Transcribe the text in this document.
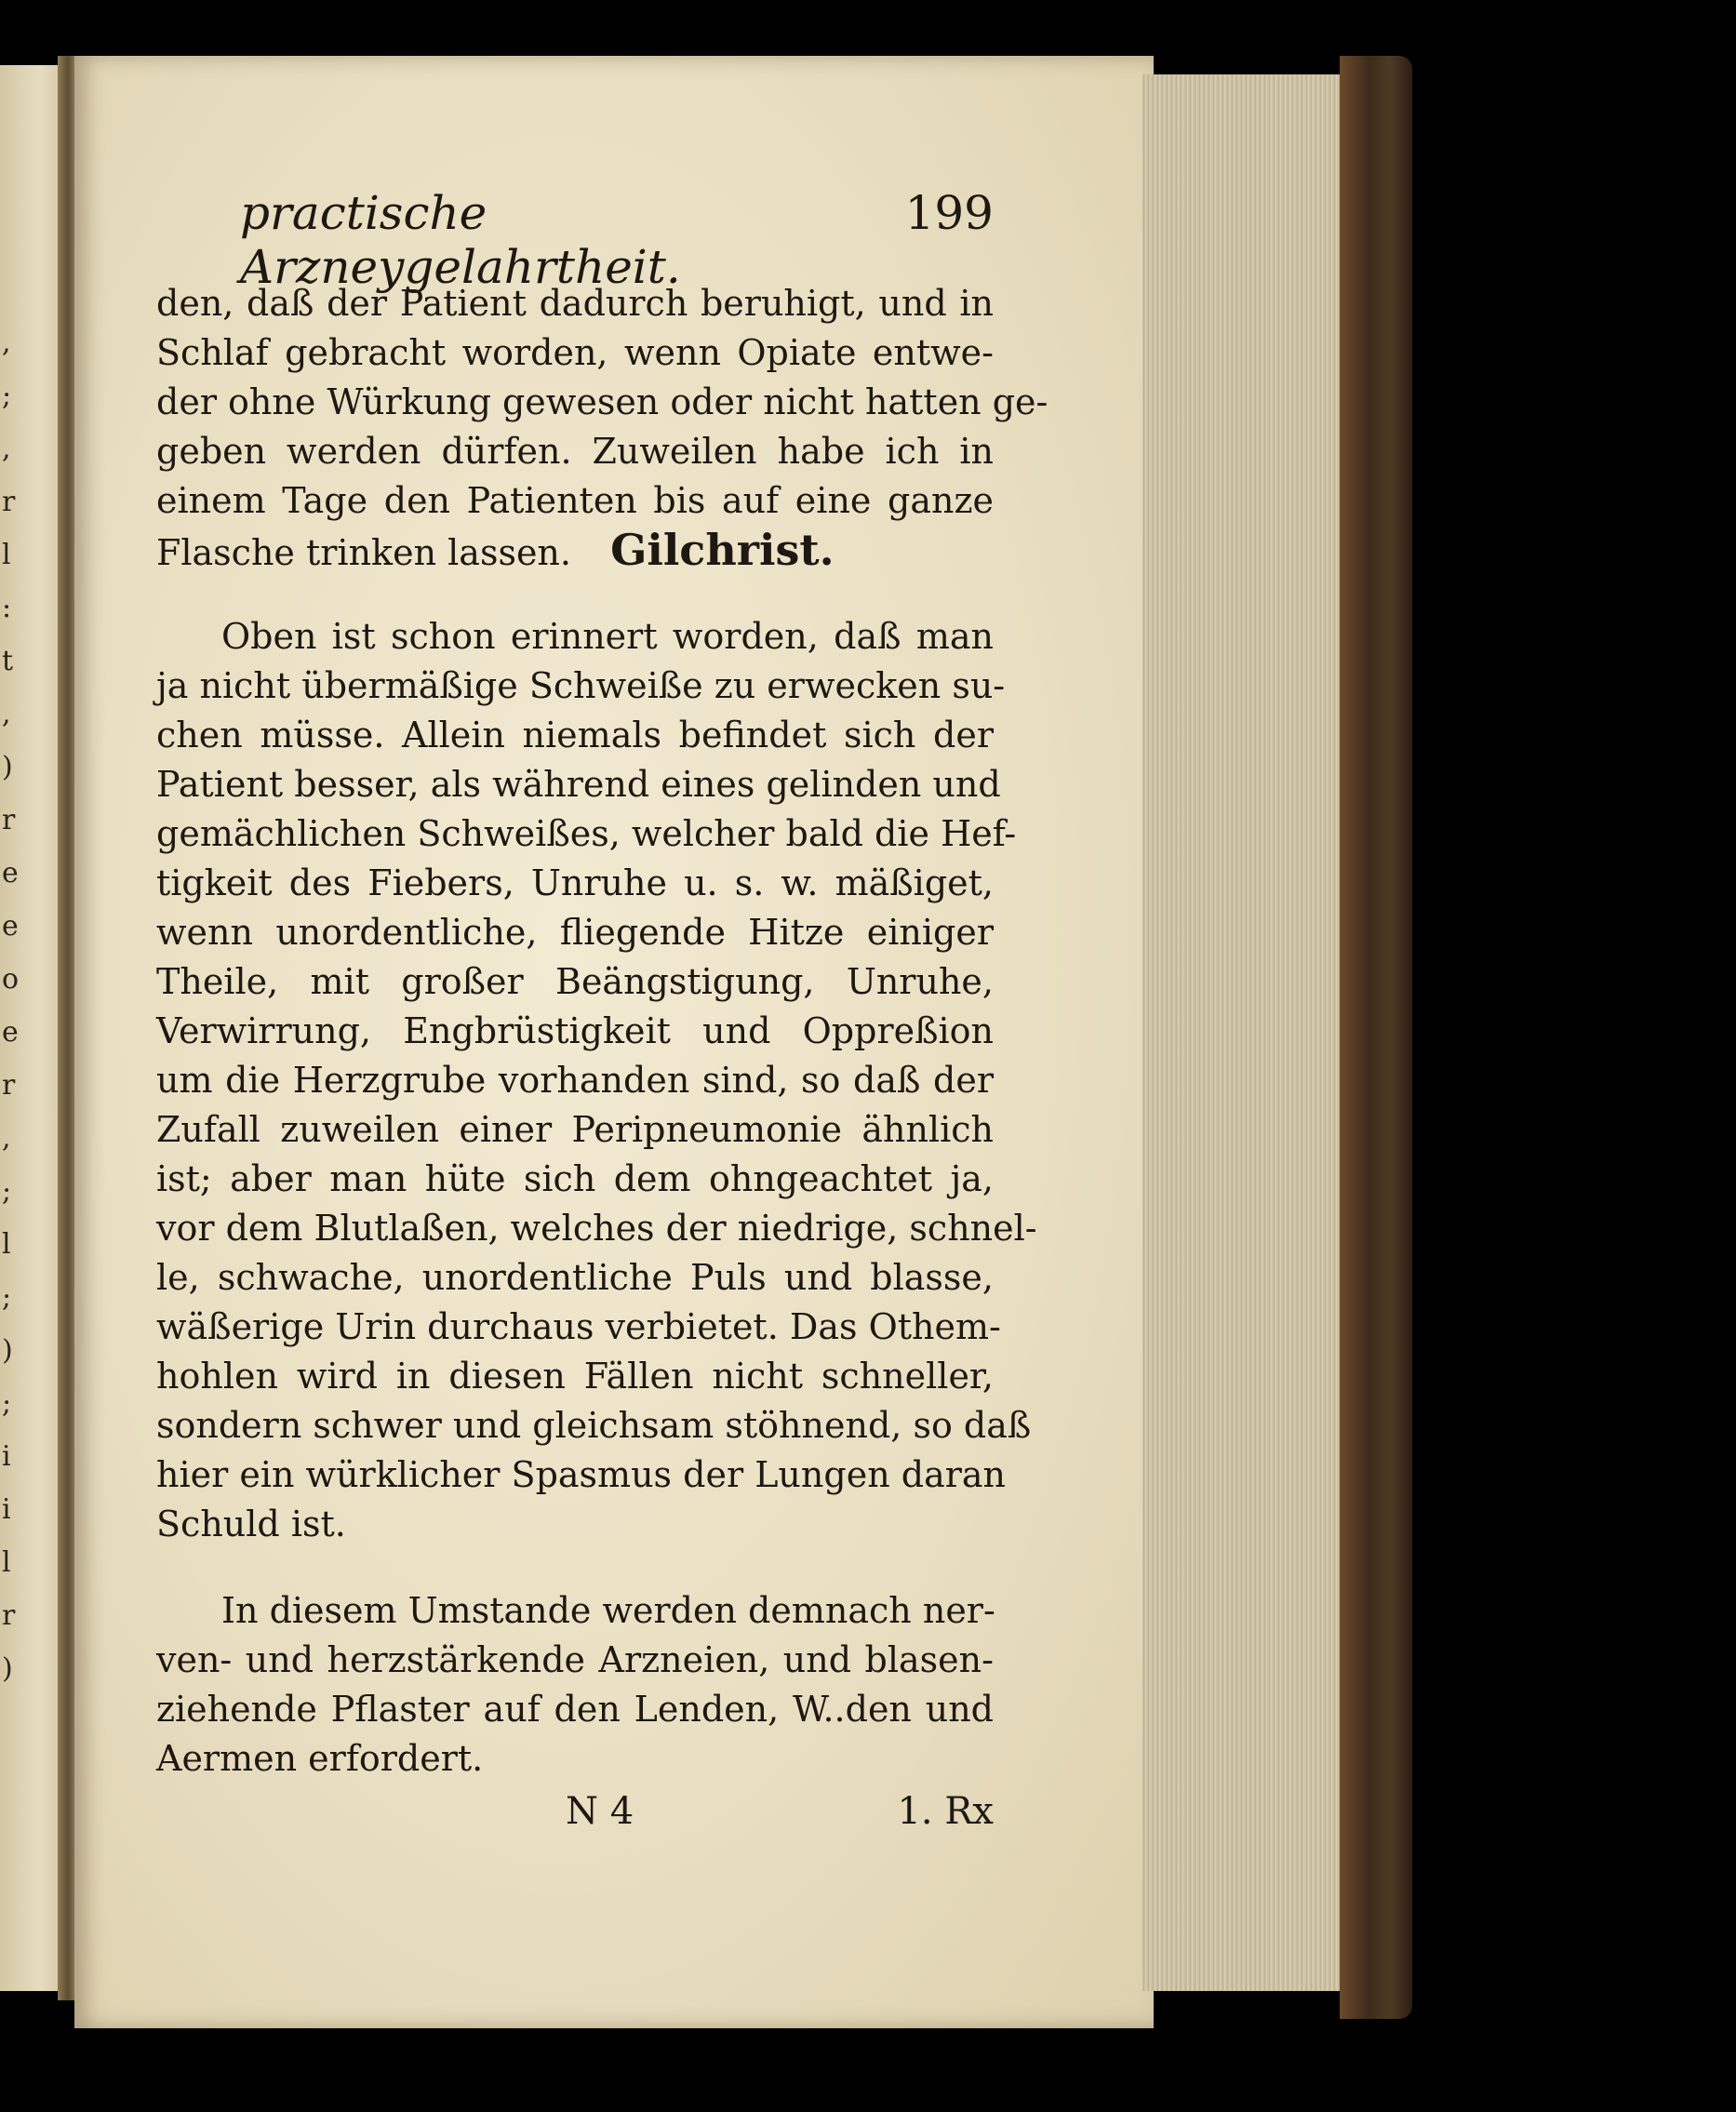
,
;
,
r
l
:
t
,
)
r
e
e
o
e
r
,
;
l
;
)
;
i
i
l
r
)
practische Arzneygelahrtheit.
199
den, daß der Patient dadurch beruhigt, und in
Schlaf gebracht worden, wenn Opiate entwe-
der ohne Würkung gewesen oder nicht hatten ge-
geben werden dürfen. Zuweilen habe ich in
einem Tage den Patienten bis auf eine ganze
Flasche trinken lassen. Gilchrist.
Oben ist schon erinnert worden, daß man
ja nicht übermäßige Schweiße zu erwecken su-
chen müsse. Allein niemals befindet sich der
Patient besser, als während eines gelinden und
gemächlichen Schweißes, welcher bald die Hef-
tigkeit des Fiebers, Unruhe u. s. w. mäßiget,
wenn unordentliche, fliegende Hitze einiger
Theile, mit großer Beängstigung, Unruhe,
Verwirrung, Engbrüstigkeit und Oppreßion
um die Herzgrube vorhanden sind, so daß der
Zufall zuweilen einer Peripneumonie ähnlich
ist; aber man hüte sich dem ohngeachtet ja,
vor dem Blutlaßen, welches der niedrige, schnel-
le, schwache, unordentliche Puls und blasse,
wäßerige Urin durchaus verbietet. Das Othem-
hohlen wird in diesen Fällen nicht schneller,
sondern schwer und gleichsam stöhnend, so daß
hier ein würklicher Spasmus der Lungen daran
Schuld ist.
In diesem Umstande werden demnach ner-
ven- und herzstärkende Arzneien, und blasen-
ziehende Pflaster auf den Lenden, W..den und
Aermen erfordert.
N 4	1. Rx
